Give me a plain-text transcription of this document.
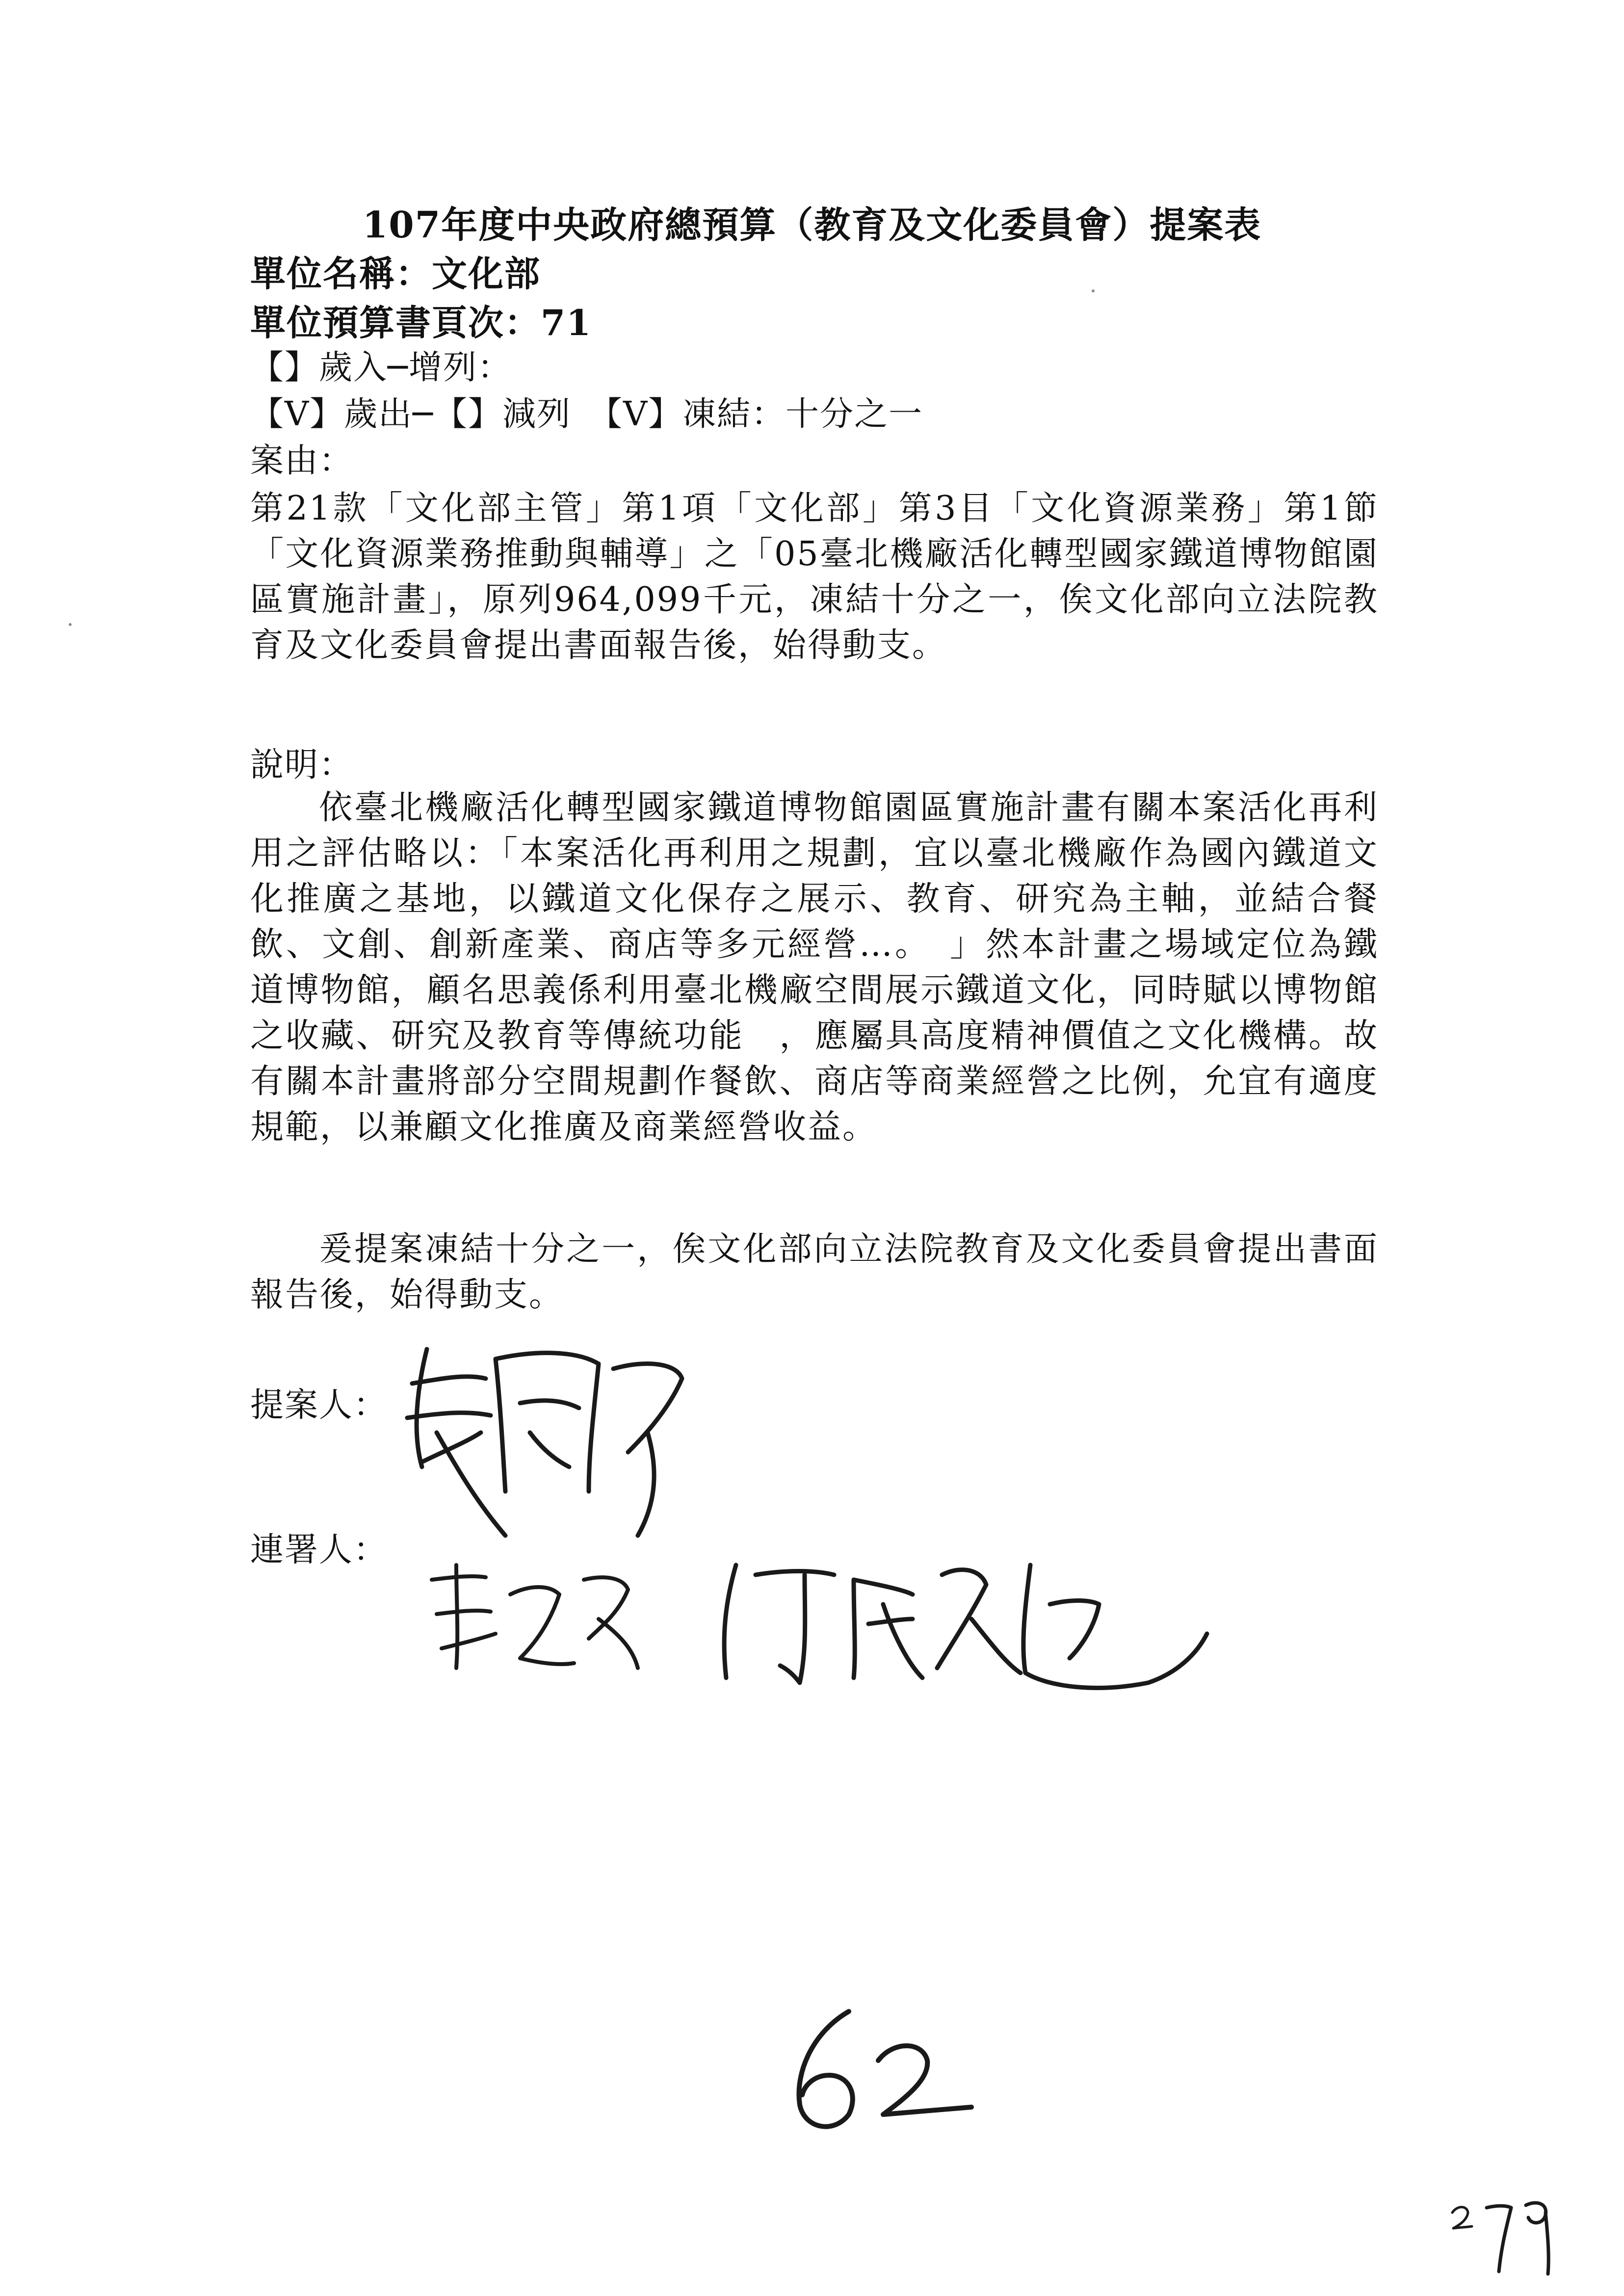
107年度中央政府總預算（教育及文化委員會）提案表
單位名稱：文化部
單位預算書頁次：71
【】歲入─增列：
【V】歲出─【】減列　【V】凍結：十分之一
案由：
第21款「文化部主管」第1項「文化部」第3目「文化資源業務」第1節「文化資源業務推動與輔導」之「05臺北機廠活化轉型國家鐵道博物館園區實施計畫」，原列964,099千元，凍結十分之一，俟文化部向立法院教育及文化委員會提出書面報告後，始得動支。
說明：
依臺北機廠活化轉型國家鐵道博物館園區實施計畫有關本案活化再利用之評估略以：「本案活化再利用之規劃，宜以臺北機廠作為國內鐵道文化推廣之基地，以鐵道文化保存之展示、教育、研究為主軸，並結合餐飲、文創、創新產業、商店等多元經營…。　」然本計畫之場域定位為鐵道博物館，顧名思義係利用臺北機廠空間展示鐵道文化，同時賦以博物館之收藏、研究及教育等傳統功能　，應屬具高度精神價值之文化機構。故有關本計畫將部分空間規劃作餐飲、商店等商業經營之比例，允宜有適度規範，以兼顧文化推廣及商業經營收益。
爰提案凍結十分之一，俟文化部向立法院教育及文化委員會提出書面報告後，始得動支。
提案人：
連署人：
